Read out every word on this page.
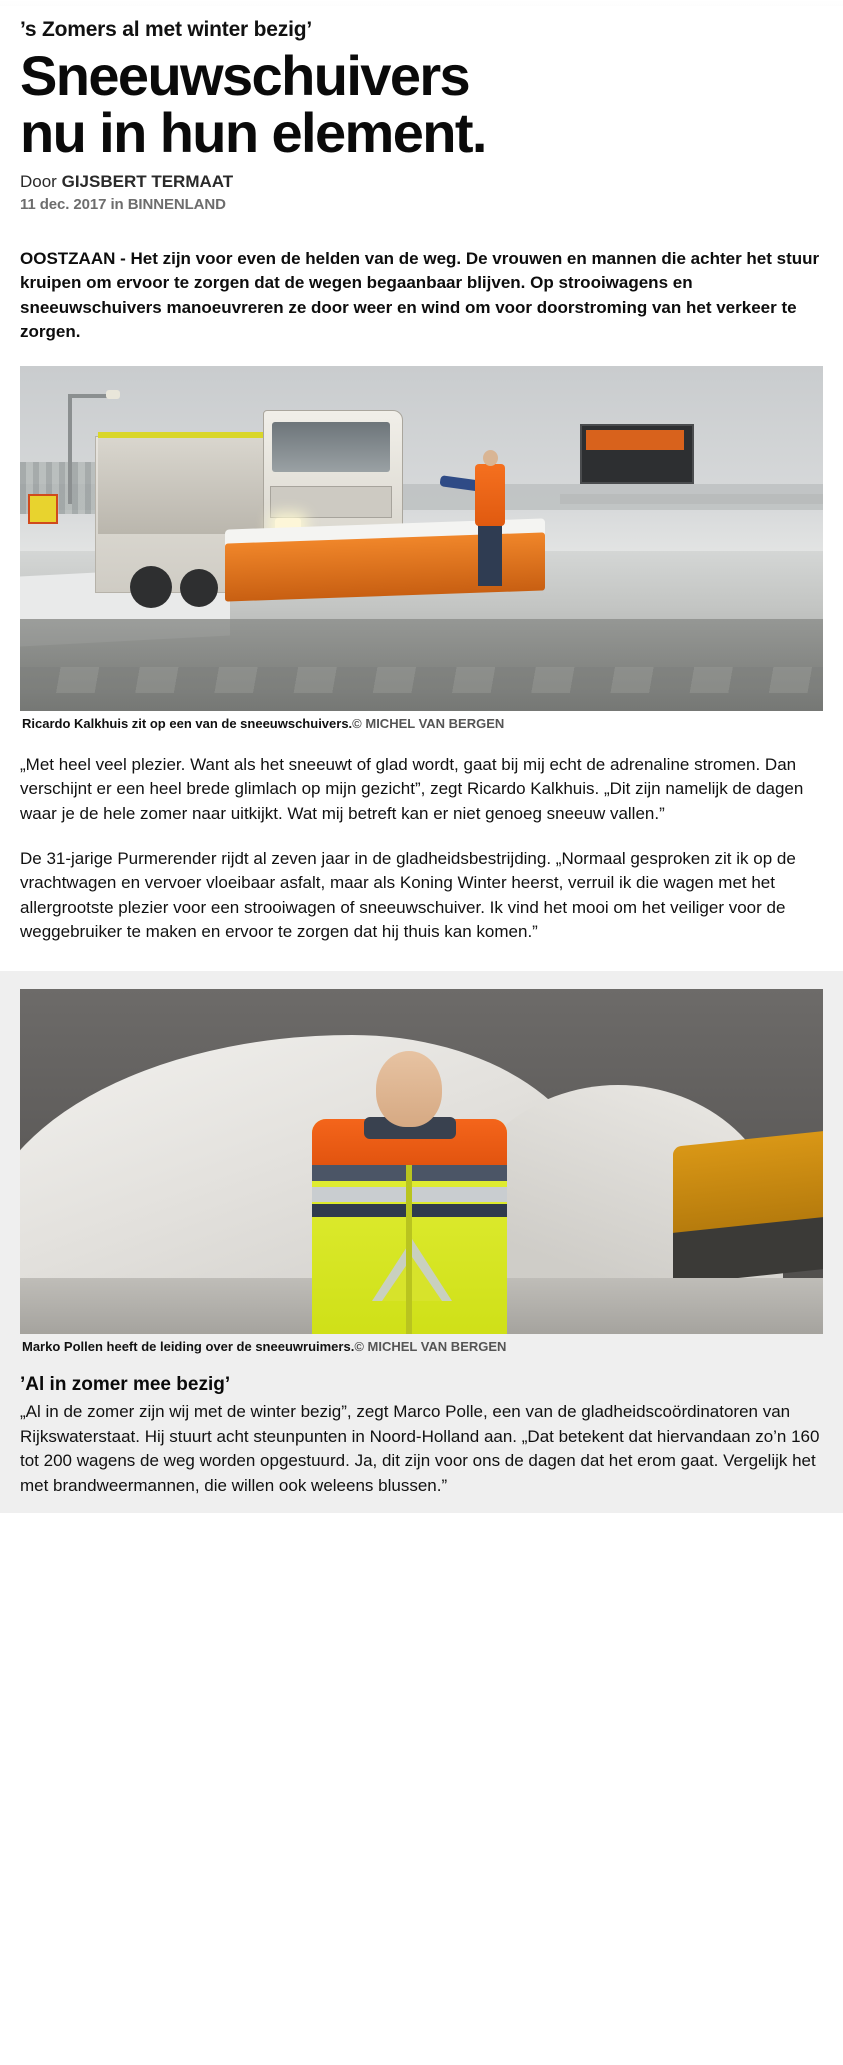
’s Zomers al met winter bezig’
Sneeuwschuivers
nu in hun element.
Door GIJSBERT TERMAAT
11 dec. 2017 in BINNENLAND

OOSTZAAN - Het zijn voor even de helden van de weg. De vrouwen en mannen die achter het stuur kruipen om ervoor te zorgen dat de wegen begaanbaar blijven. Op strooiwagens en sneeuwschuivers manoeuvreren ze door weer en wind om voor doorstroming van het verkeer te zorgen.

Ricardo Kalkhuis zit op een van de sneeuwschuivers.© MICHEL VAN BERGEN

„Met heel veel plezier. Want als het sneeuwt of glad wordt, gaat bij mij echt de adrenaline stromen. Dan verschijnt er een heel brede glimlach op mijn gezicht”, zegt Ricardo Kalkhuis. „Dit zijn namelijk de dagen waar je de hele zomer naar uitkijkt. Wat mij betreft kan er niet genoeg sneeuw vallen.”

De 31-jarige Purmerender rijdt al zeven jaar in de gladheidsbestrijding. „Normaal gesproken zit ik op de vrachtwagen en vervoer vloeibaar asfalt, maar als Koning Winter heerst, verruil ik die wagen met het allergrootste plezier voor een strooiwagen of sneeuwschuiver. Ik vind het mooi om het veiliger voor de weggebruiker te maken en ervoor te zorgen dat hij thuis kan komen.”

Marko Pollen heeft de leiding over de sneeuwruimers.© MICHEL VAN BERGEN
’Al in zomer mee bezig’

„Al in de zomer zijn wij met de winter bezig”, zegt Marco Polle, een van de gladheidscoördinatoren van Rijkswaterstaat. Hij stuurt acht steunpunten in Noord-Holland aan. „Dat betekent dat hiervandaan zo’n 160 tot 200 wagens de weg worden opgestuurd. Ja, dit zijn voor ons de dagen dat het erom gaat. Vergelijk het met brandweermannen, die willen ook weleens blussen.”
